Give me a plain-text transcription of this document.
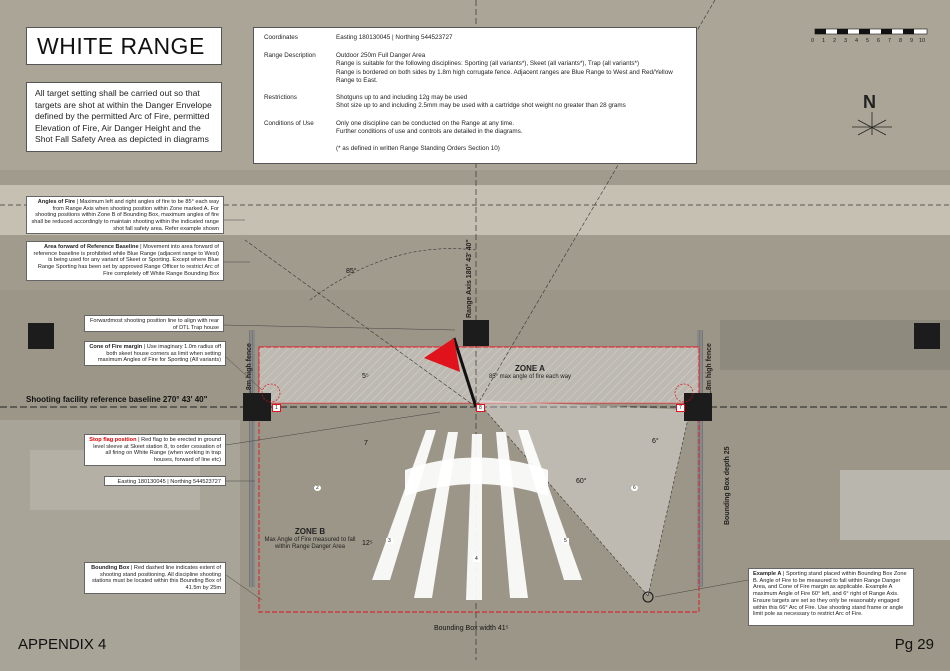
WHITE RANGE
All target setting shall be carried out so that targets are shot at within the Danger Envelope defined by the permitted Arc of Fire, permitted Elevation of Fire, Air Danger Height and the Shot Fall Safety Area as depicted in diagrams
Coordinates	Easting 180130045 | Northing 544523727
Range Description	Outdoor 250m Full Danger Area
Range is suitable for the following disciplines: Sporting (all variants*), Skeet (all variants*), Trap (all variants*)
Range is bordered on both sides by 1.8m high corrugate fence. Adjacent ranges are Blue Range to West and Red/Yellow
Range to East.
Restrictions	Shotguns up to and including 12g may be used
Shot size up to and including 2.5mm may be used with a cartridge shot weight no greater than 28 grams
Conditions of Use	Only one discipline can be conducted on the Range at any time.
Further conditions of use and controls are detailed in the diagrams.

(* as defined in written Range Standing Orders Section 10)
0 1 2 3 4 5 6 7 8 9 10
N
Angles of Fire | Maximum left and right angles of fire to be 85° each way from Range Axis when shooting position within Zone marked A. For shooting positions within Zone B of Bounding Box, maximum angles of fire shall be reduced accordingly to maintain shooting within the indicated range shot fall safety area. Refer example shown
Area forward of Reference Baseline | Movement into area forward of reference baseline is prohibited while Blue Range (adjacent range to West) is being used for any variant of Skeet or Sporting. Except where Blue Range Sporting has been set by approved Range Officer to restrict Arc of Fire completely off White Range Bounding Box
Forwardmost shooting position line to align with rear of DTL Trap house
Cone of Fire margin | Use imaginary 1.0m radius off both skeet house corners as limit when setting maximum Angles of Fire for Sporting (All variants)
Shooting facility reference baseline 270° 43' 40"
Stop flag position | Red flag to be erected in ground level sleeve at Skeet station 8, to order cessation of all firing on White Range (when working in trap houses, forward of line etc)
Easting 180130045 | Northing 544523727
Bounding Box | Red dashed line indicates extent of shooting stand positioning. All discipline shooting stations must be located within this Bounding Box of 41.5m by 25m
Example A | Sporting stand placed within Bounding Box Zone B. Angle of Fire to be measured to fall within Range Danger Area, and Cone of Fire margin as applicable. Example A maximum Angle of Fire 60° left, and 6° right of Range Axis. Ensure targets are set so they only be reasonably engaged within this 66° Arc of Fire. Use shooting stand frame or angle limit pole as necessary to restrict Arc of Fire.
ZONE A
85° max angle of fire each way
ZONE B
Max Angle of Fire measured to fall within Range Danger Area
85°
60°
6°
5⁵
7
12⁵
Bounding Box width 41⁵
Range Axis 180° 43' 40"
1.8m high fence	1.8m high fence
Bounding Box depth 25
1
2
3
4
5
6
7
8
APPENDIX 4	Pg 29
